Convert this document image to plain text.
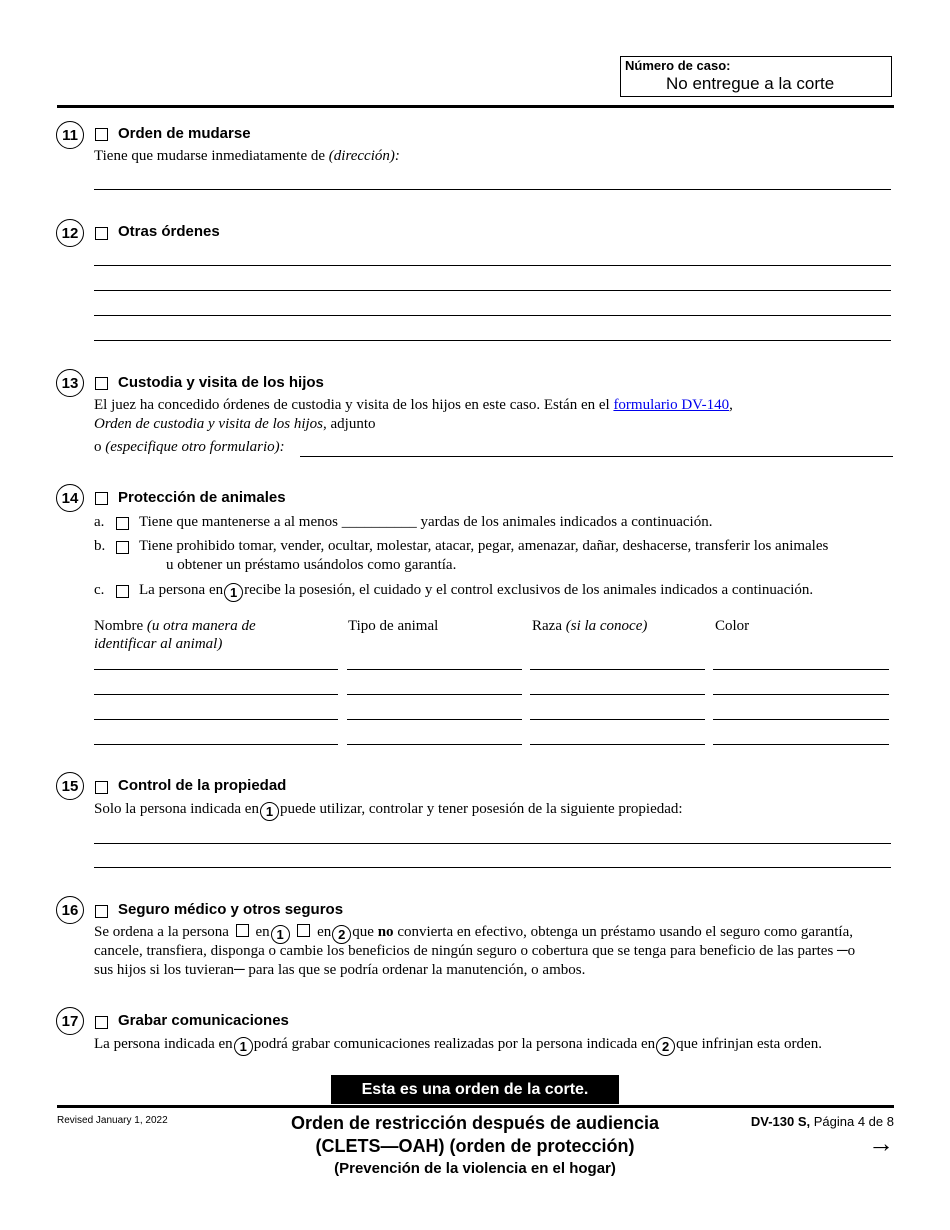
Número de caso:
No entregue a la corte
11	Orden de mudarse
Tiene que mudarse inmediatamente de (dirección):
12	Otras órdenes
13	Custodia y visita de los hijos
El juez ha concedido órdenes de custodia y visita de los hijos en este caso. Están en el formulario DV-140,
Orden de custodia y visita de los hijos, adjunto
o (especifique otro formulario):
14	Protección de animales
a. Tiene que mantenerse a al menos __________ yardas de los animales indicados a continuación.
b. Tiene prohibido tomar, vender, ocultar, molestar, atacar, pegar, amenazar, dañar, deshacerse, transferir los animales
u obtener un préstamo usándolos como garantía.
c. La persona en 1 recibe la posesión, el cuidado y el control exclusivos de los animales indicados a continuación.
Nombre (u otra manera de
identificar al animal)
Tipo de animal	Raza (si la conoce)	Color
15	Control de la propiedad
Solo la persona indicada en 1 puede utilizar, controlar y tener posesión de la siguiente propiedad:
16	Seguro médico y otros seguros
Se ordena a la persona  en 1  en 2 que no convierta en efectivo, obtenga un préstamo usando el seguro como garantía,
cancele, transfiera, disponga o cambie los beneficios de ningún seguro o cobertura que se tenga para beneficio de las partes ─o
sus hijos si los tuvieran─ para las que se podría ordenar la manutención, o ambos.
17	Grabar comunicaciones
La persona indicada en 1 podrá grabar comunicaciones realizadas por la persona indicada en 2 que infrinjan esta orden.
Esta es una orden de la corte.
Revised January 1, 2022	Orden de restricción después de audiencia
(CLETS—OAH) (orden de protección)
(Prevención de la violencia en el hogar)
DV-130 S, Página 4 de 8
→
